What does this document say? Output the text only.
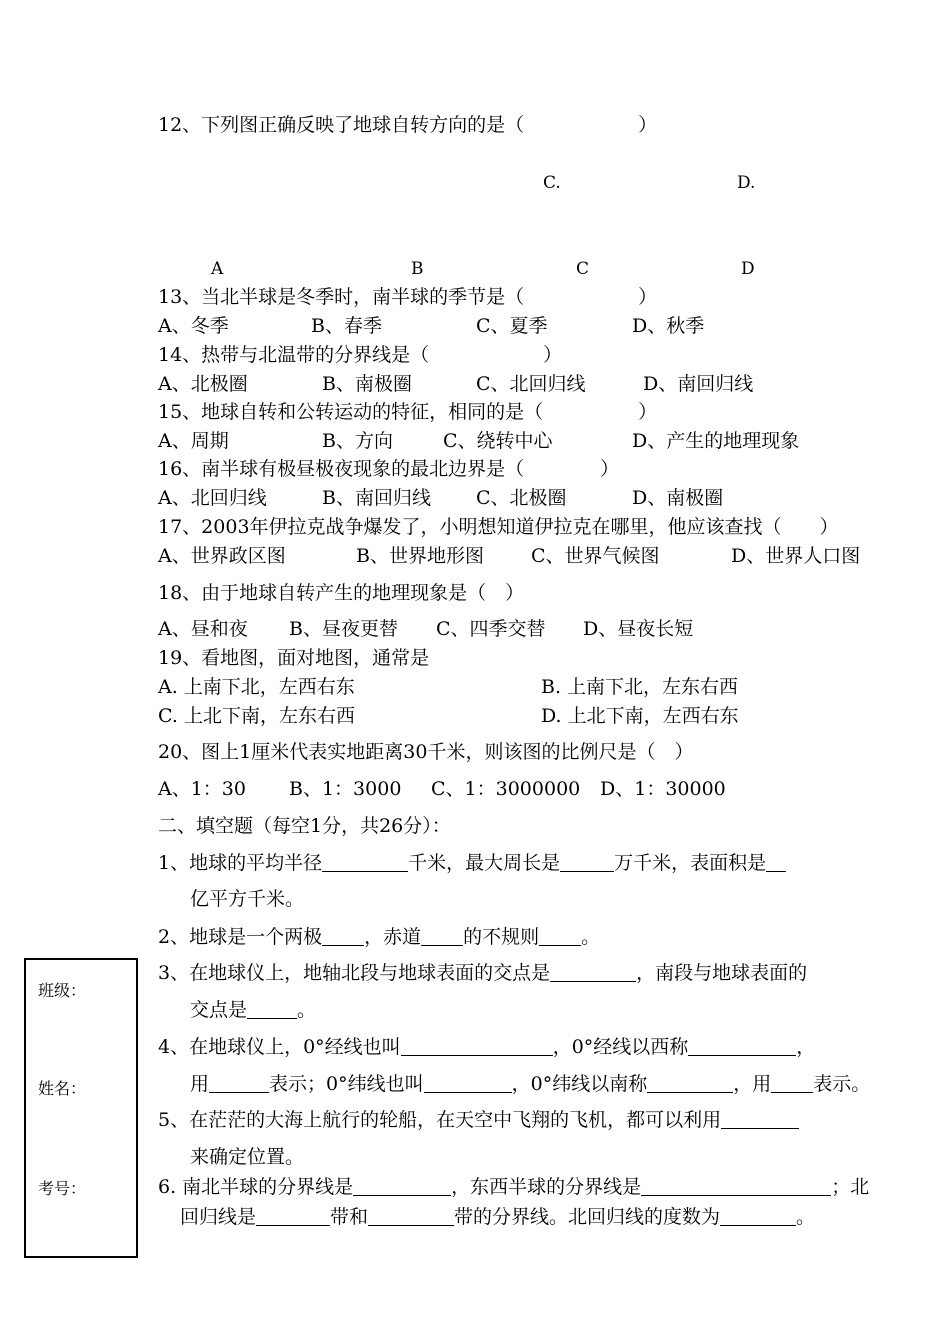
12、下列图正确反映了地球自转方向的是（　　　　　　）
C.	D.
A	B	C	D
13、当北半球是冬季时，南半球的季节是（　　　　　　）
A、冬季	B、春季	C、夏季	D、秋季
14、热带与北温带的分界线是（　　　　　　）
A、北极圈	B、南极圈	C、北回归线	D、南回归线
15、地球自转和公转运动的特征，相同的是（　　　　　）
A、周期	B、方向	C、绕转中心	D、产生的地理现象
16、南半球有极昼极夜现象的最北边界是（　　　　）
A、北回归线	B、南回归线 C、北极圈	D、南极圈
17、2003年伊拉克战争爆发了，小明想知道伊拉克在哪里，他应该查找（　　）
A、世界政区图	B、世界地形图 C、世界气候图	D、世界人口图
18、由于地球自转产生的地理现象是（　）
A、昼和夜 B、昼夜更替 C、四季交替 D、昼夜长短
19、看地图，面对地图，通常是
A. 上南下北，左西右东	B. 上南下北，左东右西
C. 上北下南，左东右西	D. 上北下南，左西右东
20、图上1厘米代表实地距离30千米，则该图的比例尺是（　）
A、1：30 B、1：3000 C、1：3000000 D、1：30000
二、填空题（每空1分，共26分）：
1、地球的平均半径	千米，最大周长是	万千米，表面积是
亿平方千米。
2、地球是一个两极 ，赤道 的不规则 。
3、在地球仪上，地轴北段与地球表面的交点是	，南段与地球表面的
交点是	。
4、在地球仪上，0°经线也叫	，0°经线以西称	，
用	表示；0°纬线也叫	，0°纬线以南称	，用 表示。
5、在茫茫的大海上航行的轮船，在天空中飞翔的飞机，都可以利用
来确定位置。
6. 南北半球的分界线是	，东西半球的分界线是	；北
回归线是	带和	带的分界线。北回归线的度数为	。
班级：
姓名：
考号：
